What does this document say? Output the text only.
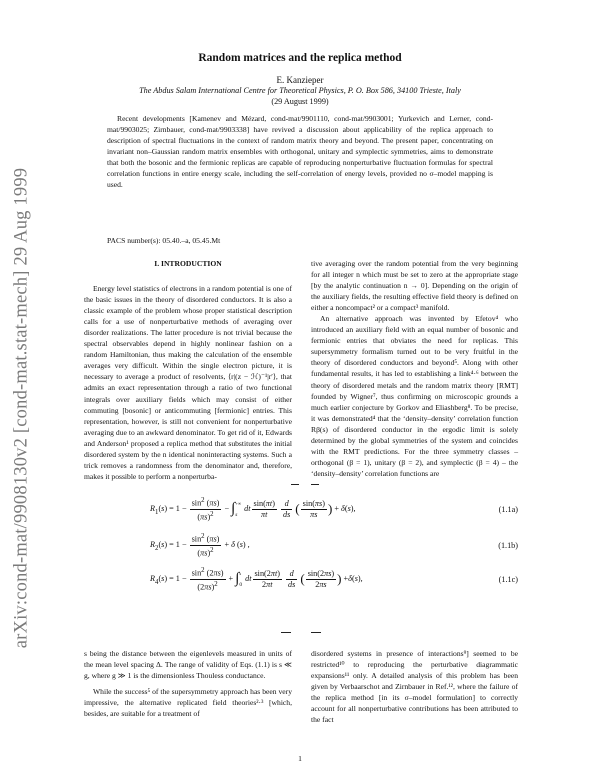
arXiv:cond-mat/9908130v2 [cond-mat.stat-mech] 29 Aug 1999
Random matrices and the replica method
E. Kanzieper
The Abdus Salam International Centre for Theoretical Physics, P. O. Box 586, 34100 Trieste, Italy
(29 August 1999)

Recent developments [Kamenev and Mézard, cond-mat/9901110, cond-mat/9903001; Yurkevich and Lerner, cond-mat/9903025; Zirnbauer, cond-mat/9903338] have revived a discussion about applicability of the replica approach to description of spectral fluctuations in the context of random matrix theory and beyond. The present paper, concentrating on invariant non–Gaussian random matrix ensembles with orthogonal, unitary and symplectic symmetries, aims to demonstrate that both the bosonic and the fermionic replicas are capable of reproducing nonperturbative fluctuation formulas for spectral correlation functions in entire energy scale, including the self-correlation of energy levels, provided no σ–model mapping is used.

PACS number(s): 05.40.–a, 05.45.Mt

I. INTRODUCTION

Energy level statistics of electrons in a random potential is one of the basic issues in the theory of disordered conductors. It is also a classic example of the problem whose proper statistical description calls for a use of nonperturbative methods of averaging over disorder realizations. The latter procedure is not trivial because the spectral observables depend in highly nonlinear fashion on a random Hamiltonian, thus making the calculation of the ensemble averages very difficult. Within the single electron picture, it is necessary to average a product of resolvents, ⟨r|(z − ℋ)⁻¹|r′⟩, that admits an exact representation through a ratio of two functional integrals over auxiliary fields which may consist of either commuting [bosonic] or anticommuting [fermionic] entries. This representation, however, is still not convenient for nonperturbative averaging due to an awkward denominator. To get rid of it, Edwards and Anderson¹ proposed a replica method that substitutes the initial disordered system by the n identical noninteracting systems. Such a trick removes a randomness from the denominator and, therefore, makes it possible to perform a nonperturba-

tive averaging over the random potential from the very beginning for all integer n which must be set to zero at the appropriate stage [by the analytic continuation n → 0]. Depending on the origin of the auxiliary fields, the resulting effective field theory is defined on either a noncompact² or a compact³ manifold.

An alternative approach was invented by Efetov⁴ who introduced an auxiliary field with an equal number of bosonic and fermionic entries that obviates the need for replicas. This supersymmetry formalism turned out to be very fruitful in the theory of disordered conductors and beyond⁵. Along with other fundamental results, it has led to establishing a link⁴·⁶ between the theory of disordered metals and the random matrix theory [RMT] founded by Wigner⁷, thus confirming on microscopic grounds a much earlier conjecture by Gorkov and Eliashberg⁸. To be precise, it was demonstrated⁴ that the ‘density–density’ correlation function Rβ(s) of disordered conductor in the ergodic limit is solely determined by the global symmetries of the system and coincides with the RMT predictions. For the three symmetry classes – orthogonal (β = 1), unitary (β = 2), and symplectic (β = 4) – the ‘density–density’ correlation functions are

$R_1(s) = 1 - \frac{\sin^2 (\pi s)}{(\pi s)^2} - \int^{+\infty}$
s dt $\frac{\sin(\pi t)}{\pi t}$
$\frac{d}{ds}$ ( $\frac{\sin(\pi s)}{\pi s}$ ) + δ(s),	(1.1a)
$R_2(s) = 1 - \frac{\sin^2 (\pi s)}{(\pi s)^2} + \delta$ (s) ,	(1.1b)
$R_4(s) = 1 - \frac{\sin^2 (2\pi s)}{(2\pi s)^2} + \int^s$
0 dt $\frac{\sin(2\pi t)}{2\pi t}$
$\frac{d}{ds}$ ( $\frac{\sin(2\pi s)}{2\pi s}$ ) +δ(s),	(1.1c)

s being the distance between the eigenlevels measured in units of the mean level spacing Δ. The range of validity of Eqs. (1.1) is s ≪ g, where g ≫ 1 is the dimensionless Thouless conductance.

While the success⁵ of the supersymmetry approach has been very impressive, the alternative replicated field theories²·³ [which, besides, are suitable for a treatment of

disordered systems in presence of interactions⁹] seemed to be restricted¹⁰ to reproducing the perturbative diagrammatic expansions¹¹ only. A detailed analysis of this problem has been given by Verbaarschot and Zirnbauer in Ref.¹², where the failure of the replica method [in its σ–model formulation] to correctly account for all nonperturbative contributions has been attributed to the fact

1
